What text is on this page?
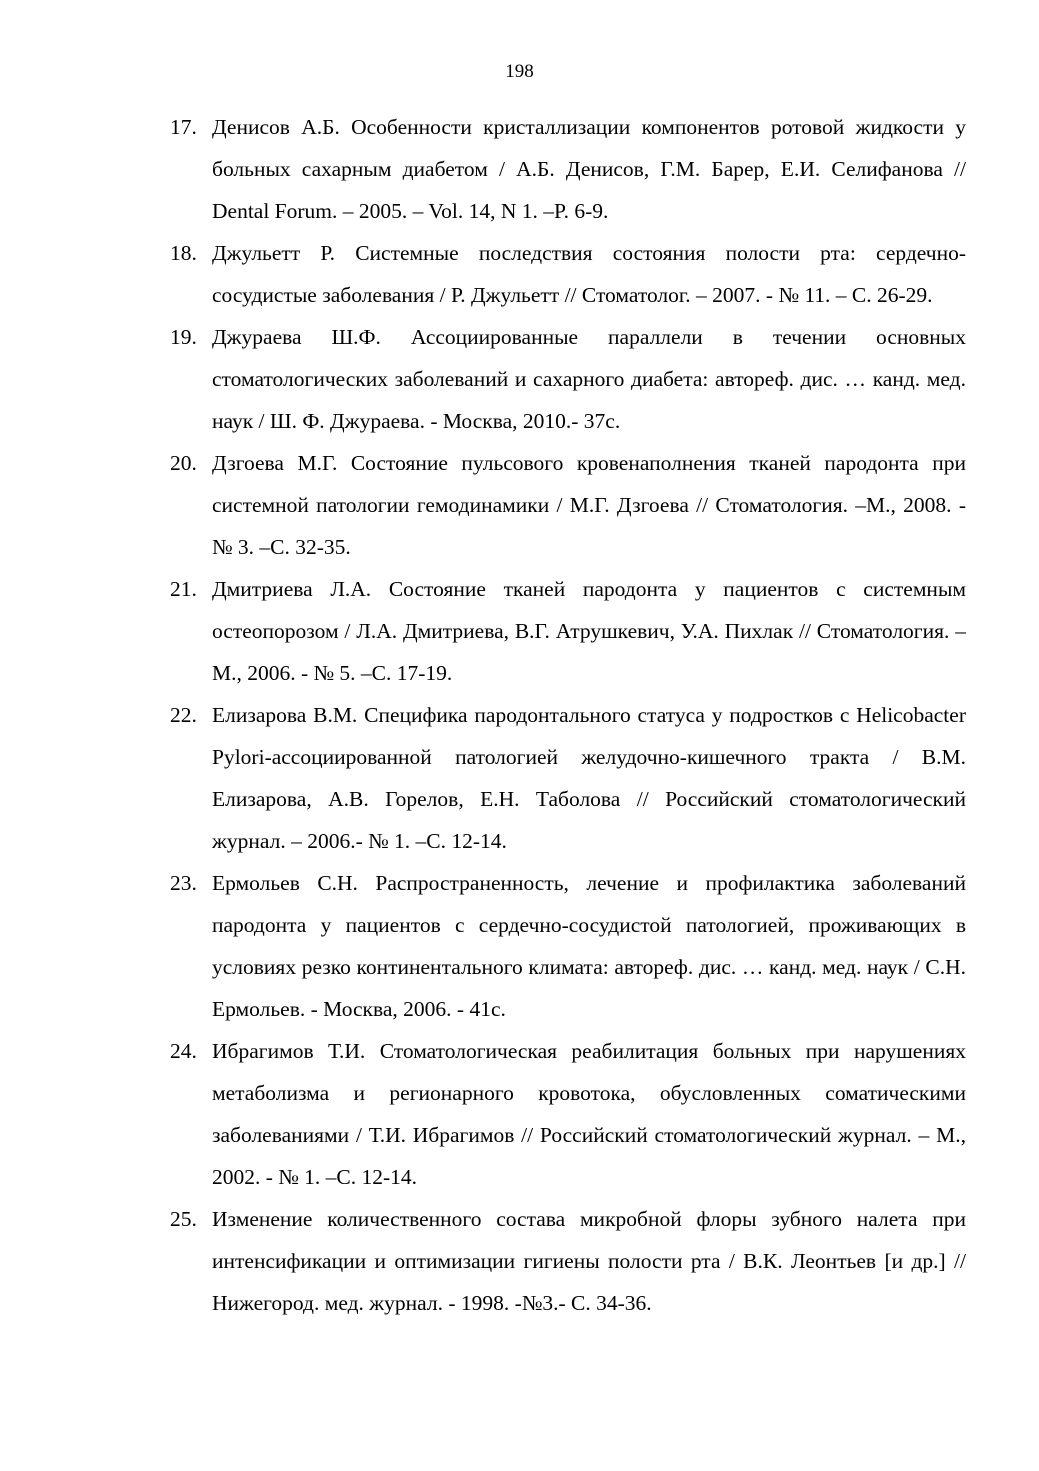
198
17. Денисов А.Б. Особенности кристаллизации компонентов ротовой жидкости у больных сахарным диабетом / А.Б. Денисов, Г.М. Барер, Е.И. Селифанова // Dental Forum. – 2005. – Vol. 14, N 1. –P. 6-9.
18. Джульетт Р. Системные последствия состояния полости рта: сердечно-сосудистые заболевания / Р. Джульетт // Стоматолог. – 2007. - № 11. – С. 26-29.
19. Джураева Ш.Ф. Ассоциированные параллели в течении основных стоматологических заболеваний и сахарного диабета: автореф. дис. … канд. мед. наук / Ш. Ф. Джураева. - Москва, 2010.- 37с.
20. Дзгоева М.Г. Состояние пульсового кровенаполнения тканей пародонта при системной патологии гемодинамики / М.Г. Дзгоева // Стоматология. –М., 2008. - № 3. –С. 32-35.
21. Дмитриева Л.А. Состояние тканей пародонта у пациентов с системным остеопорозом / Л.А. Дмитриева, В.Г. Атрушкевич, У.А. Пихлак // Стоматология. – М., 2006. - № 5. –С. 17-19.
22. Елизарова В.М. Специфика пародонтального статуса у подростков с Helicobacter Pylori-ассоциированной патологией желудочно-кишечного тракта / В.М. Елизарова, А.В. Горелов, Е.Н. Таболова // Российский стоматологический журнал. – 2006.- № 1. –С. 12-14.
23. Ермольев С.Н. Распространенность, лечение и профилактика заболеваний пародонта у пациентов с сердечно-сосудистой патологией, проживающих в условиях резко континентального климата: автореф. дис. … канд. мед. наук / С.Н. Ермольев. - Москва, 2006. - 41с.
24. Ибрагимов Т.И. Стоматологическая реабилитация больных при нарушениях метаболизма и регионарного кровотока, обусловленных соматическими заболеваниями / Т.И. Ибрагимов // Российский стоматологический журнал. – М., 2002. - № 1. –С. 12-14.
25. Изменение количественного состава микробной флоры зубного налета при интенсификации и оптимизации гигиены полости рта / В.К. Леонтьев [и др.] // Нижегород. мед. журнал. - 1998. -№3.- С. 34-36.
